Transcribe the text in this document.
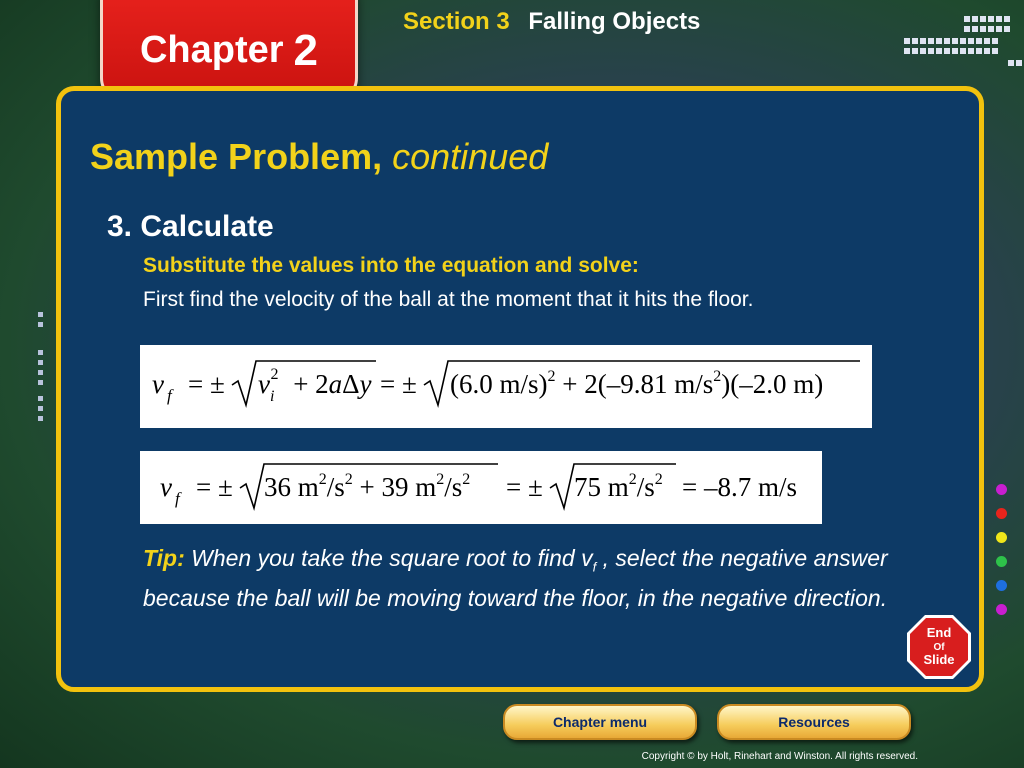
Chapter 2
Section 3 Falling Objects
Sample Problem, continued
3. Calculate
Substitute the values into the equation and solve:
First find the velocity of the ball at the moment that it hits the floor.
v f = ± $v_i2 + 2a\Delta y$ = ± (6.0 m/s)$^2$ + 2(–9.81 $m/s^2)(-2.0$ m)
v f = ± 36 $m^2/s^2 + 39$ $m^2/s^2$ = ± 75 $m^2/s^2 = -8.7$ m/s
Tip: When you take the square root to find $v_f$ , select the negative answer because the ball will be moving toward the floor, in the negative direction.
End
Of
Slide
Chapter menu	Resources
Copyright © by Holt, Rinehart and Winston. All rights reserved.
